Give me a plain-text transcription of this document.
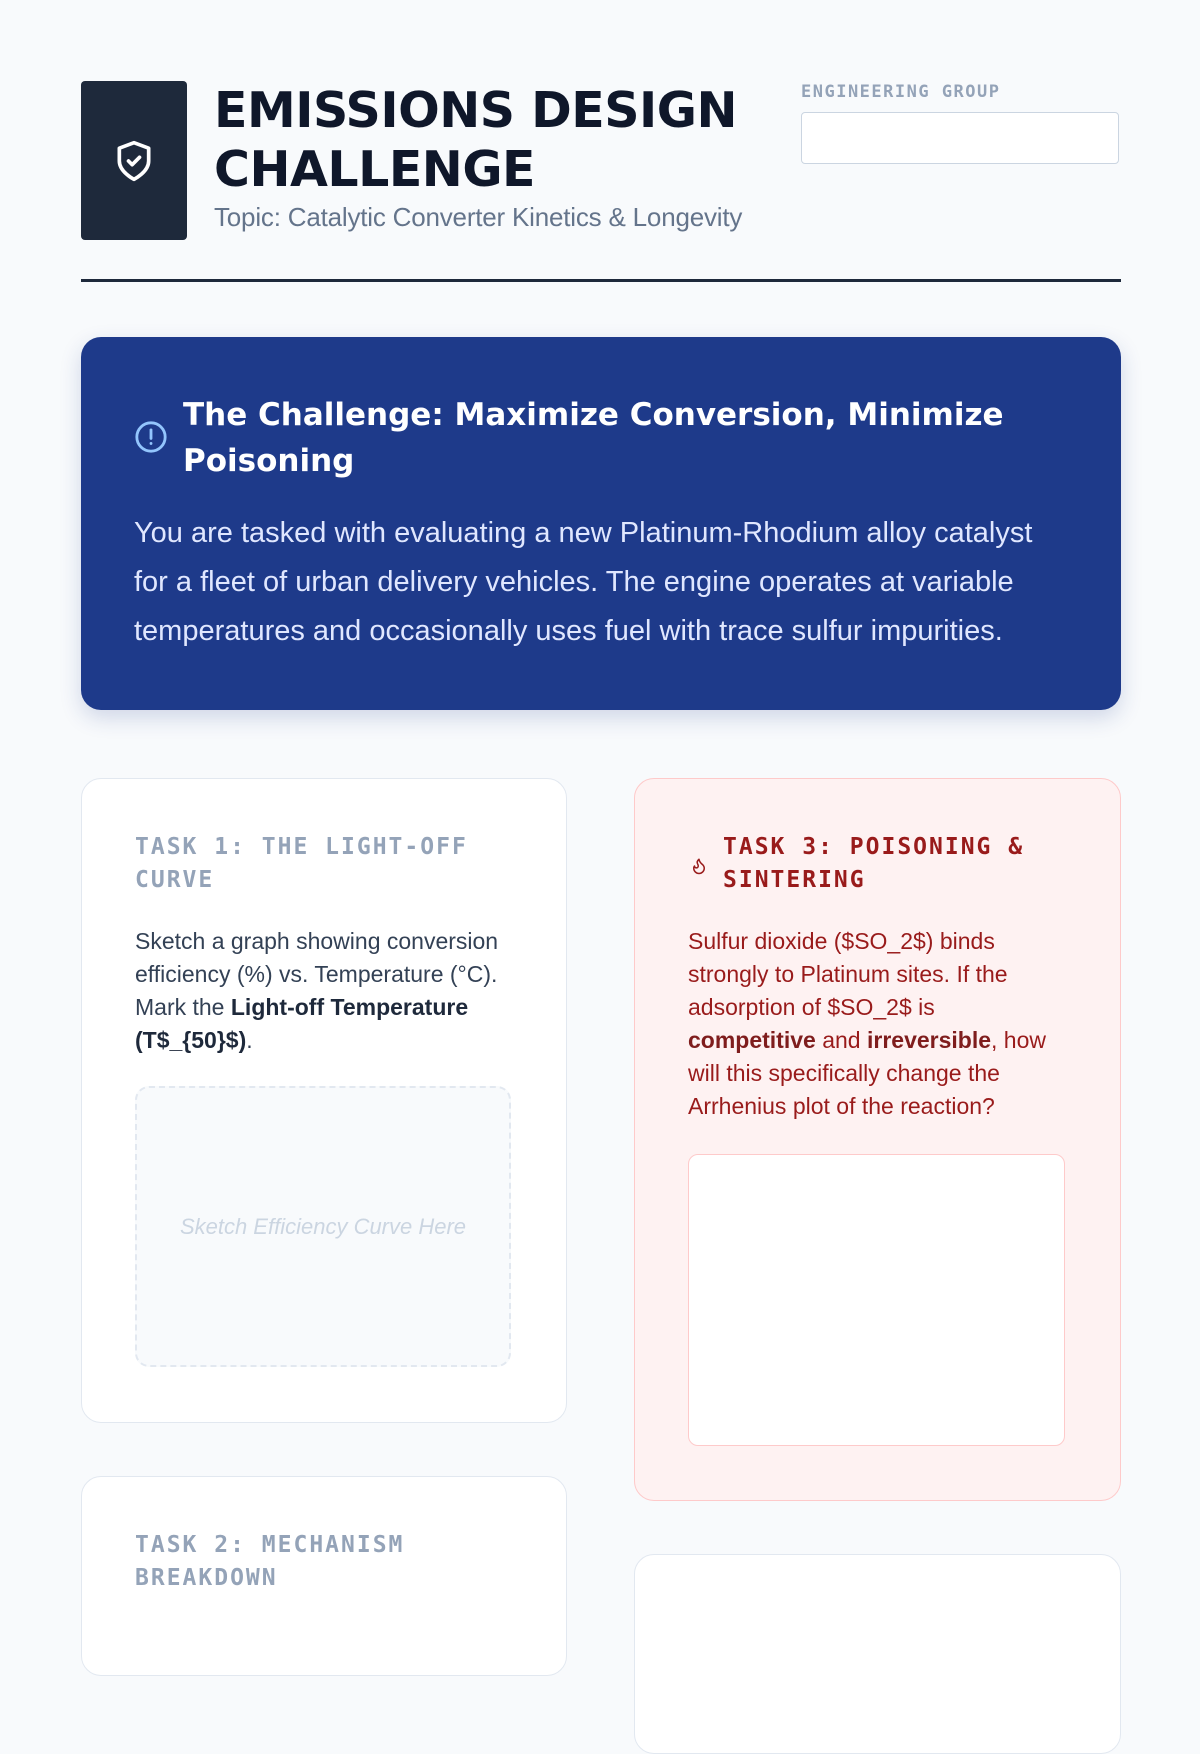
EMISSIONS DESIGN CHALLENGE
Topic: Catalytic Converter Kinetics & Longevity
ENGINEERING GROUP
The Challenge: Maximize Conversion, Minimize Poisoning

You are tasked with evaluating a new Platinum-Rhodium alloy catalyst for a fleet of urban delivery vehicles. The engine operates at variable temperatures and occasionally uses fuel with trace sulfur impurities.

TASK 1: THE LIGHT-OFF CURVE

Sketch a graph showing conversion efficiency (%) vs. Temperature (°C). Mark the Light-off Temperature (T$_{50}$).

Sketch Efficiency Curve Here
TASK 2: MECHANISM BREAKDOWN
TASK 3: POISONING & SINTERING

Sulfur dioxide ($SO_2$) binds strongly to Platinum sites. If the adsorption of $SO_2$ is competitive and irreversible, how will this specifically change the Arrhenius plot of the reaction?
